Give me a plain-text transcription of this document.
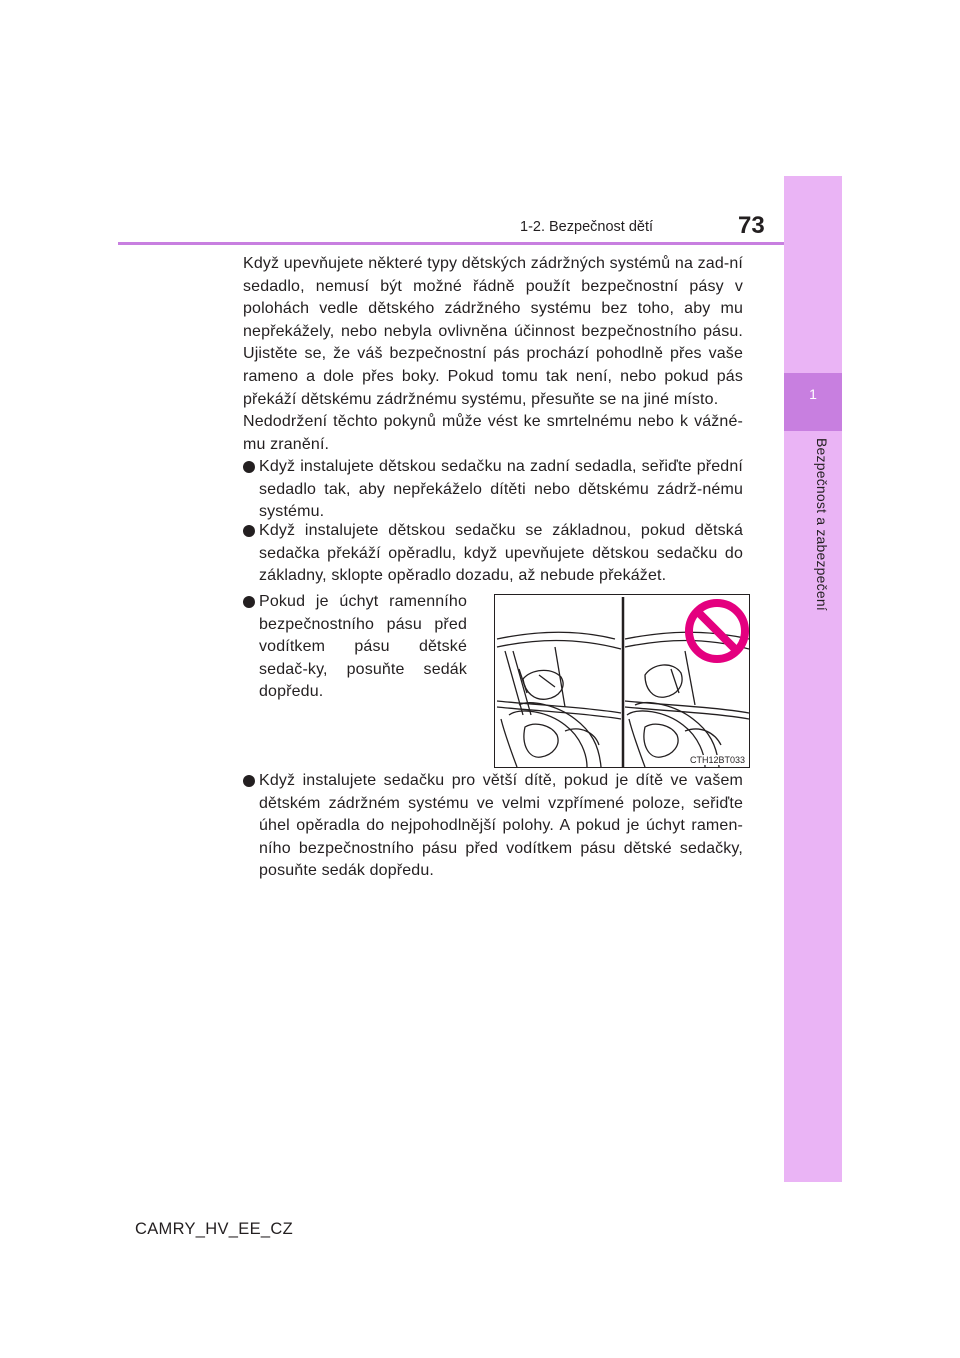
1
Bezpečnost a zabezpečení
1-2. Bezpečnost dětí	73
Když upevňujete některé typy dětských zádržných systémů na zad-ní sedadlo, nemusí být možné řádně použít bezpečnostní pásy v polohách vedle dětského zádržného systému bez toho, aby mu nepřekážely, nebo nebyla ovlivněna účinnost bezpečnostního pásu. Ujistěte se, že váš bezpečnostní pás prochází pohodlně přes vaše rameno a dole přes boky. Pokud tomu tak není, nebo pokud pás překáží dětskému zádržnému systému, přesuňte se na jiné místo.
Nedodržení těchto pokynů může vést ke smrtelnému nebo k vážné-mu zranění.
Když instalujete dětskou sedačku na zadní sedadla, seřiďte přední sedadlo tak, aby nepřekáželo dítěti nebo dětskému zádrž-nému systému.
Když instalujete dětskou sedačku se základnou, pokud dětská sedačka překáží opěradlu, když upevňujete dětskou sedačku do základny, sklopte opěradlo dozadu, až nebude překážet.
Pokud je úchyt ramenního bezpečnostního pásu před vodítkem pásu dětské sedač-ky, posuňte sedák dopředu.
CTH12BT033
Když instalujete sedačku pro větší dítě, pokud je dítě ve vašem dětském zádržném systému ve velmi vzpřímené poloze, seřiďte úhel opěradla do nejpohodlnější polohy. A pokud je úchyt ramen-ního bezpečnostního pásu před vodítkem pásu dětské sedačky, posuňte sedák dopředu.
CAMRY_HV_EE_CZ
